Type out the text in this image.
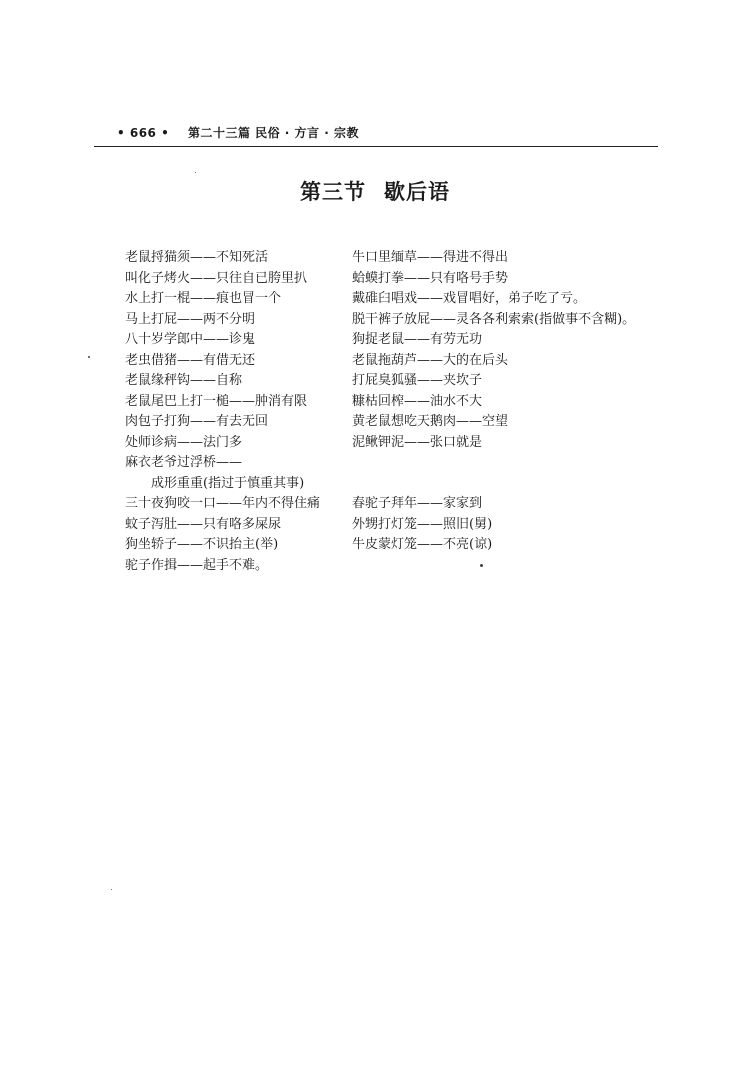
• 666 • 第二十三篇 民俗 · 方言 · 宗教
第三节 歇后语
老鼠捋猫须——不知死活
叫化子烤火——只往自已胯里扒
水上打一棍——痕也冒一个
马上打屁——两不分明
八十岁学郎中——诊鬼
老虫借猪——有借无还
老鼠缘秤钩——自称
老鼠尾巴上打一槌——肿消有限
肉包子打狗——有去无回
处师诊病——法门多
麻衣老爷过浮桥——
成形重重(指过于慎重其事)
三十夜狗咬一口——年内不得住痛
蚊子泻肚——只有咯多屎尿
狗坐轿子——不识抬主(举)
驼子作揖——起手不难。
牛口里缅草——得进不得出
蛤蟆打拳——只有咯号手势
戴碓臼唱戏——戏冒唱好，弟子吃了亏。
脱干裤子放屁——灵各各利索索(指做事不含糊)。
狗捉老鼠——有劳无功
老鼠拖葫芦——大的在后头
打屁臭狐骚——夹坎子
糠枯回榨——油水不大
黄老鼠想吃天鹅肉——空望
泥鳅钾泥——张口就是
春驼子拜年——家家到
外甥打灯笼——照旧(舅)
牛皮蒙灯笼——不亮(谅)
